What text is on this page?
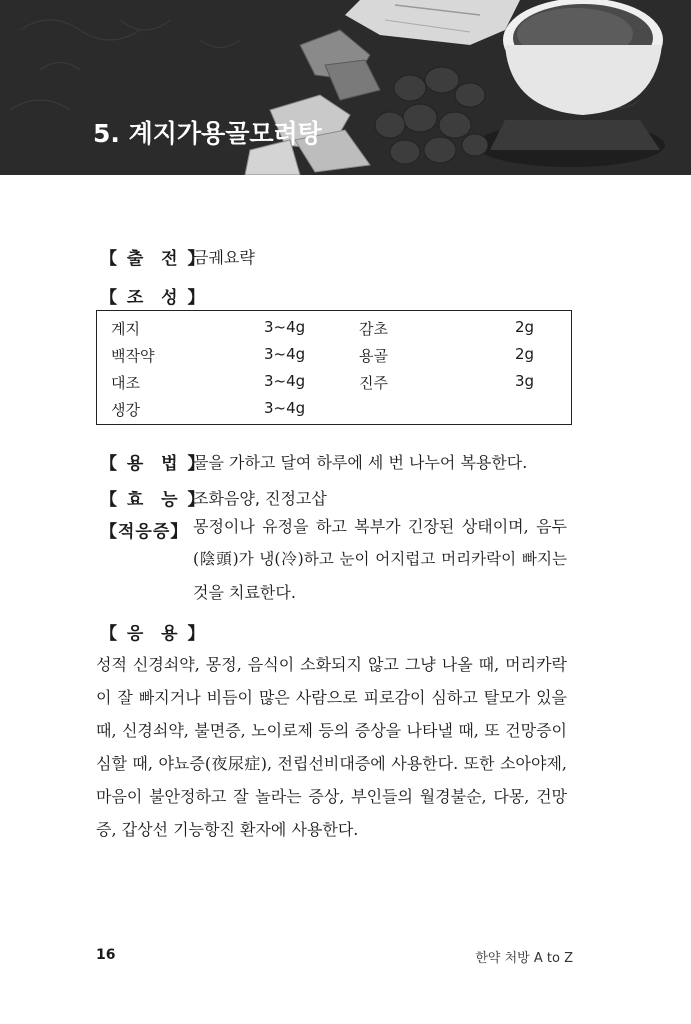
5. 계지가용골모려탕
【 출  전 】
금궤요략
【 조  성 】
계지	3~4g	감초	2g
백작약	3~4g	용골	2g
대조	3~4g	진주	3g
생강	3~4g
【 용  법 】
물을 가하고 달여 하루에 세 번 나누어 복용한다.
【 효  능 】
조화음양, 진정고삽
【적응증】 몽정이나 유정을 하고 복부가 긴장된 상태이며, 음두
(陰頭)가 냉(冷)하고 눈이 어지럽고 머리카락이 빠지는
것을 치료한다.
【 응  용 】
성적 신경쇠약, 몽정, 음식이 소화되지 않고 그냥 나올 때, 머리카락
이 잘 빠지거나 비듬이 많은 사람으로 피로감이 심하고 탈모가 있을
때, 신경쇠약, 불면증, 노이로제 등의 증상을 나타낼 때, 또 건망증이
심할 때, 야뇨증(夜尿症), 전립선비대증에 사용한다. 또한 소아야제,
마음이 불안정하고 잘 놀라는 증상, 부인들의 월경불순, 다몽, 건망
증, 갑상선 기능항진 환자에 사용한다.
16	한약 처방 A to Z
